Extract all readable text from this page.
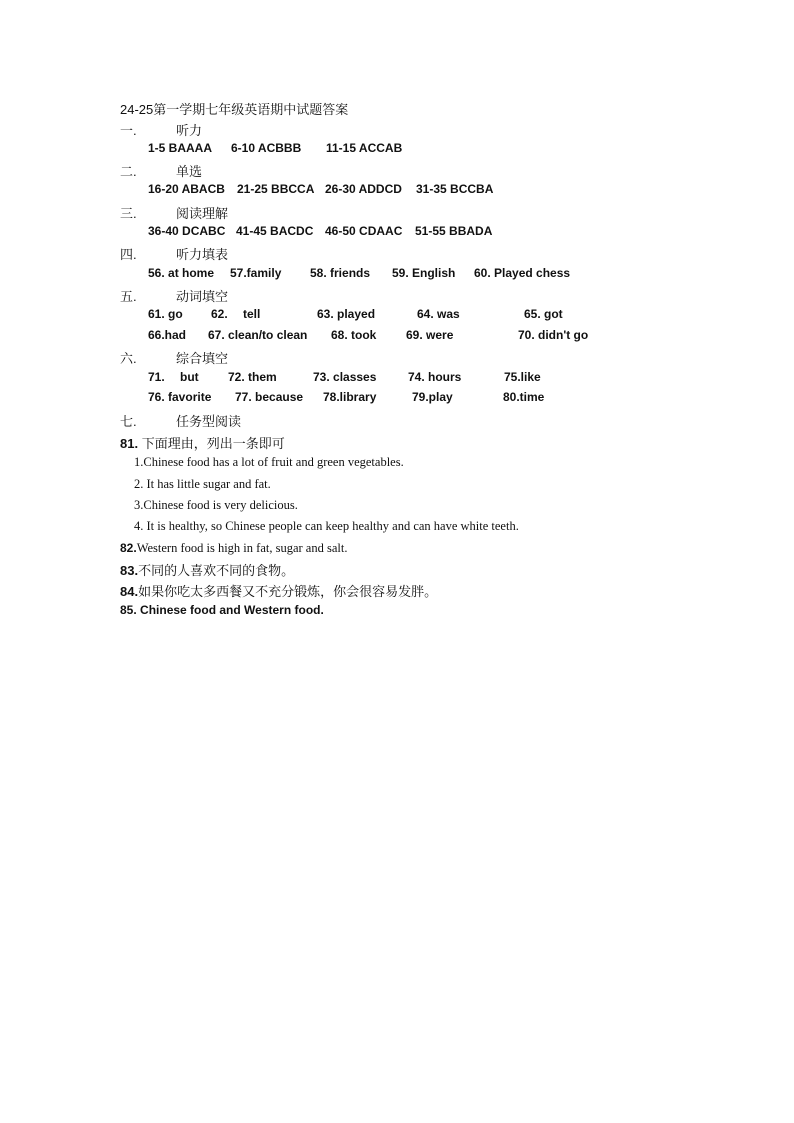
24-25第一学期七年级英语期中试题答案
一.	听力
1-5 BAAAA 6-10 ACBBB 11-15 ACCAB
二.	单选
16-20 ABACB 21-25 BBCCA 26-30 ADDCD 31-35 BCCBA
三.	阅读理解
36-40 DCABC 41-45 BACDC 46-50 CDAAC 51-55 BBADA
四.	听力填表
56. at home 57.family 58. friends 59. English 60. Played chess
五.	动词填空
61. go 62. tell	63. played	64. was	65. got
66.had 67. clean/to clean 68. took 69. were	70. didn't go
六.	综合填空
71. but 72. them	73. classes	74. hours	75.like
76. favorite 77. because 78.library	79.play	80.time
七.	任务型阅读
81. 下面理由，列出一条即可
1.Chinese food has a lot of fruit and green vegetables.
2. It has little sugar and fat.
3.Chinese food is very delicious.
4. It is healthy, so Chinese people can keep healthy and can have white teeth.
82.Western food is high in fat, sugar and salt.
83.不同的人喜欢不同的食物。
84.如果你吃太多西餐又不充分锻炼，你会很容易发胖。
85. Chinese food and Western food.
